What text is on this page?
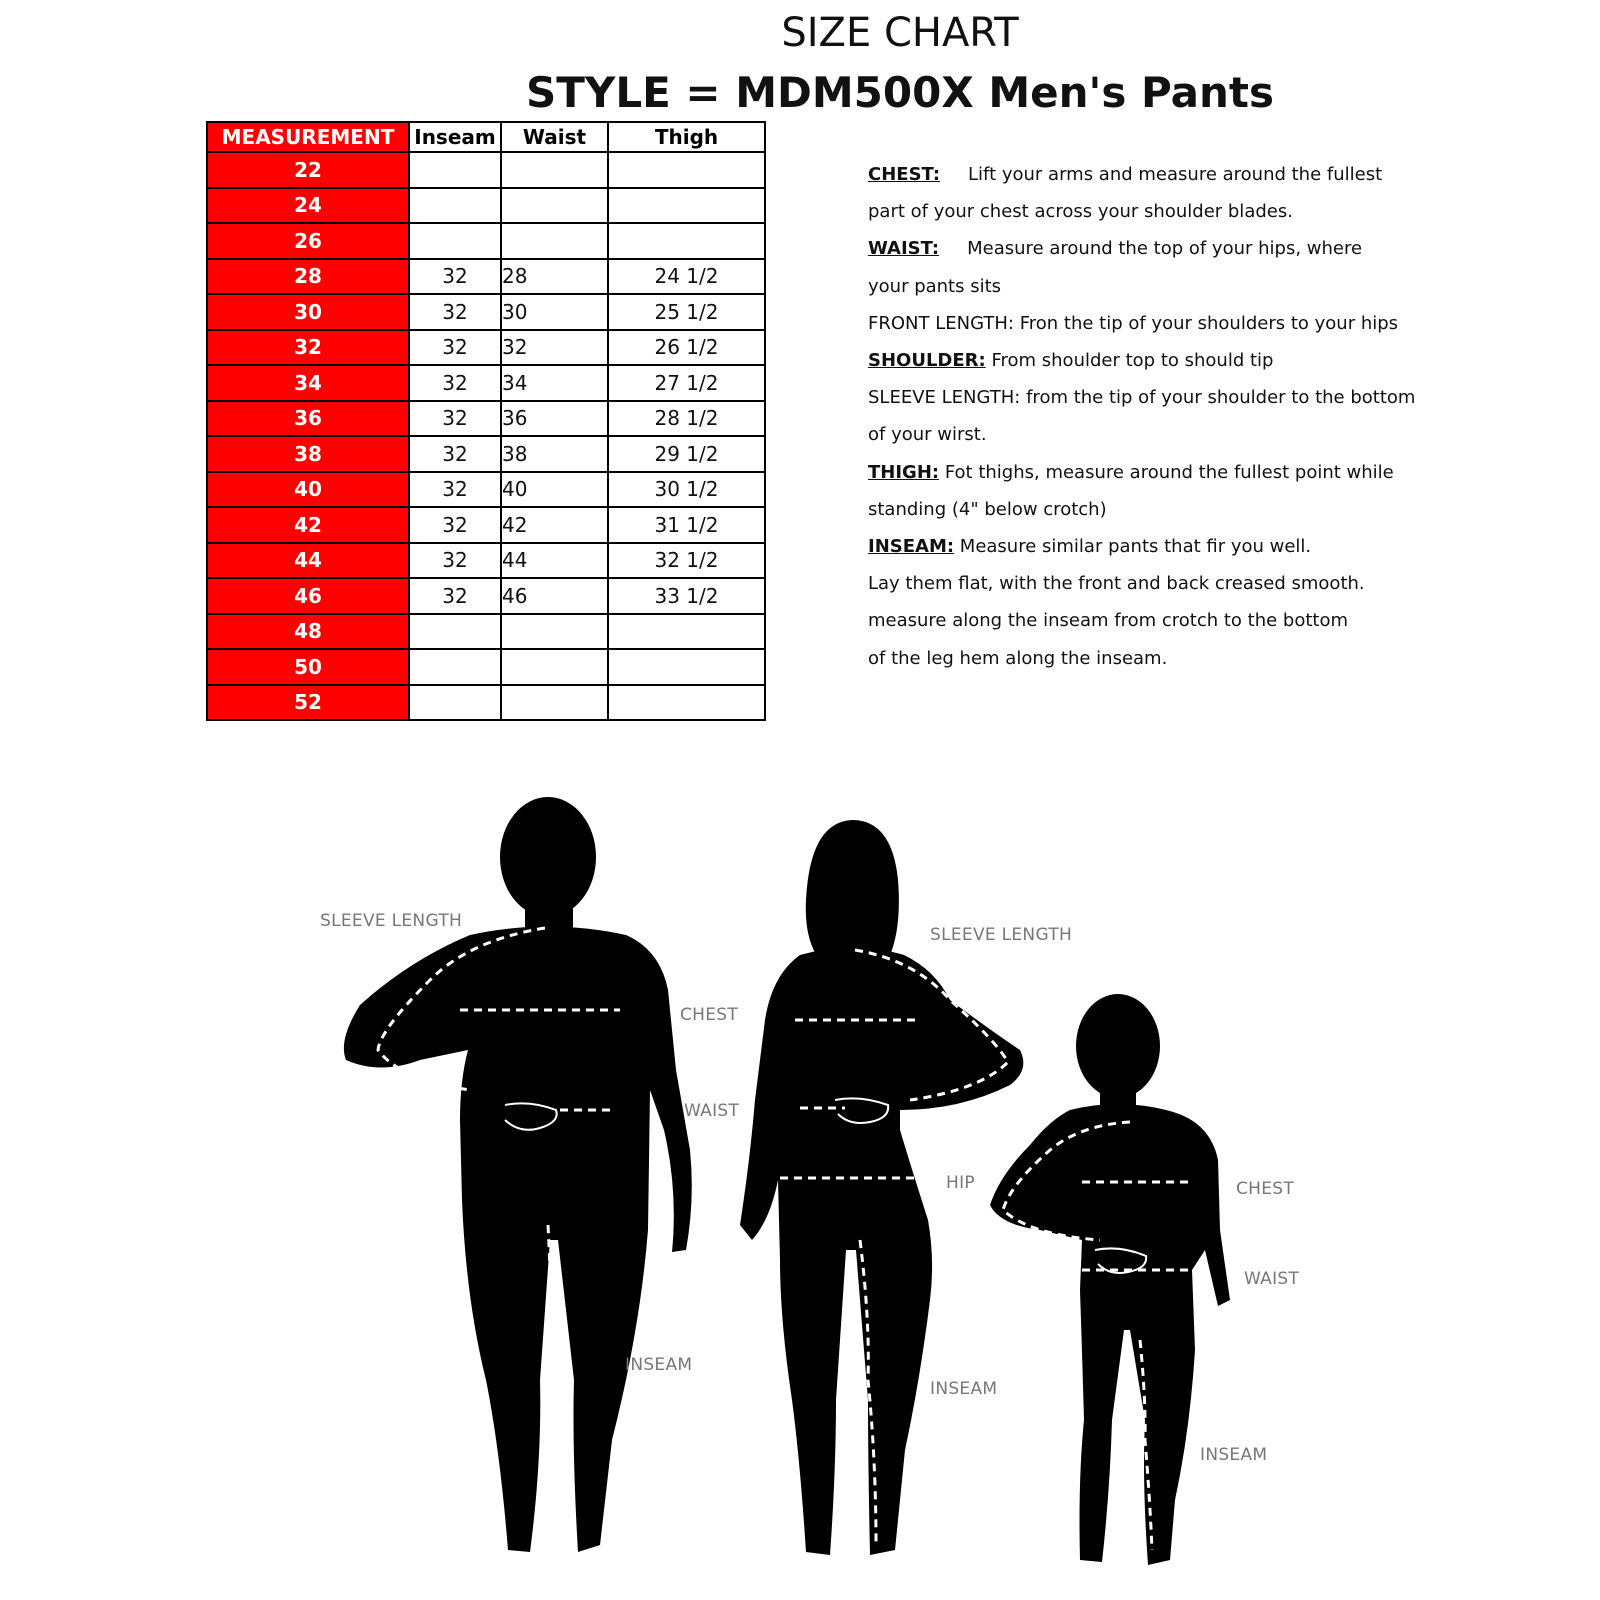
SIZE CHART
STYLE = MDM500X Men's Pants
MEASUREMENT	Inseam	Waist	Thigh
22			
24			
26			
28	32	28	24 1/2
30	32	30	25 1/2
32	32	32	26 1/2
34	32	34	27 1/2
36	32	36	28 1/2
38	32	38	29 1/2
40	32	40	30 1/2
42	32	42	31 1/2
44	32	44	32 1/2
46	32	46	33 1/2
48			
50			
52			
CHEST: Lift your arms and measure around the fullest
part of your chest across your shoulder blades.
WAIST: Measure around the top of your hips, where
your pants sits
FRONT LENGTH: Fron the tip of your shoulders to your hips
SHOULDER: From shoulder top to should tip
SLEEVE LENGTH: from the tip of your shoulder to the bottom
of your wirst.
THIGH: Fot thighs, measure around the fullest point while
standing (4" below crotch)
INSEAM: Measure similar pants that fir you well.
Lay them flat, with the front and back creased smooth.
measure along the inseam from crotch to the bottom
of the leg hem along the inseam.
SLEEVE LENGTH
CHEST
WAIST
INSEAM
SLEEVE LENGTH
HIP
INSEAM
CHEST
WAIST
INSEAM
